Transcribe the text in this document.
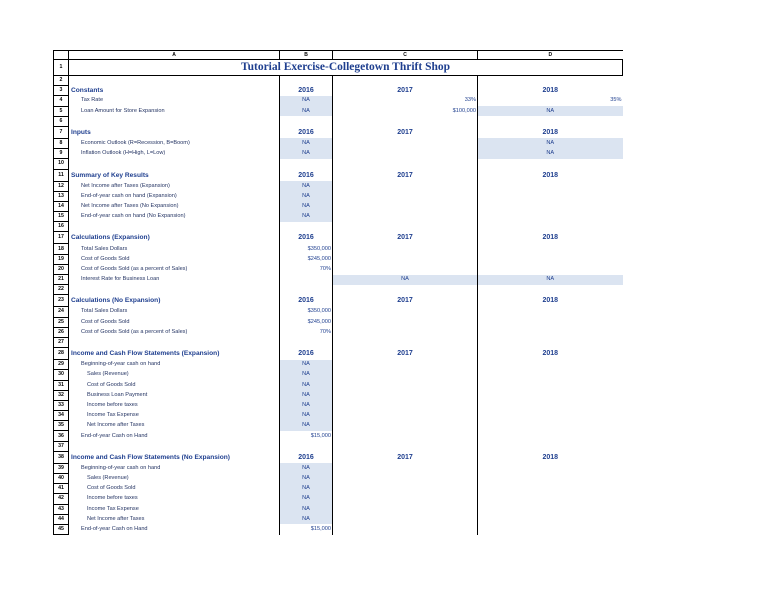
	A	B	C	D	
1	Tutorial Exercise-Collegetown Thrift Shop				
2					
3	Constants	2016	2017	2018	
4	Tax Rate	NA	33%	35%	
5	Loan Amount for Store Expansion	NA	$100,000	NA	
6					
7	Inputs	2016	2017	2018	
8	Economic Outlook (R=Recession, B=Boom)	NA		NA	
9	Inflation Outlook (H=High, L=Low)	NA		NA	
10					
11	Summary of Key Results	2016	2017	2018	
12	Net Income after Taxes (Expansion)	NA			
13	End-of-year cash on hand (Expansion)	NA			
14	Net Income after Taxes (No Expansion)	NA			
15	End-of-year cash on hand (No Expansion)	NA			
16					
17	Calculations (Expansion)	2016	2017	2018	
18	Total Sales Dollars	$350,000			
19	Cost of Goods Sold	$245,000			
20	Cost of Goods Sold (as a percent of Sales)	70%			
21	Interest Rate for Business Loan		NA	NA	
22					
23	Calculations (No Expansion)	2016	2017	2018	
24	Total Sales Dollars	$350,000			
25	Cost of Goods Sold	$245,000			
26	Cost of Goods Sold (as a percent of Sales)	70%			
27					
28	Income and Cash Flow Statements (Expansion)	2016	2017	2018	
29	Beginning-of-year cash on hand	NA			
30	Sales (Revenue)	NA			
31	Cost of Goods Sold	NA			
32	Business Loan Payment	NA			
33	Income before taxes	NA			
34	Income Tax Expense	NA			
35	Net Income after Taxes	NA			
36	End-of-year Cash on Hand	$15,000			
37					
38	Income and Cash Flow Statements (No Expansion)	2016	2017	2018	
39	Beginning-of-year cash on hand	NA			
40	Sales (Revenue)	NA			
41	Cost of Goods Sold	NA			
42	Income before taxes	NA			
43	Income Tax Expense	NA			
44	Net Income after Taxes	NA			
45	End-of-year Cash on Hand	$15,000			
